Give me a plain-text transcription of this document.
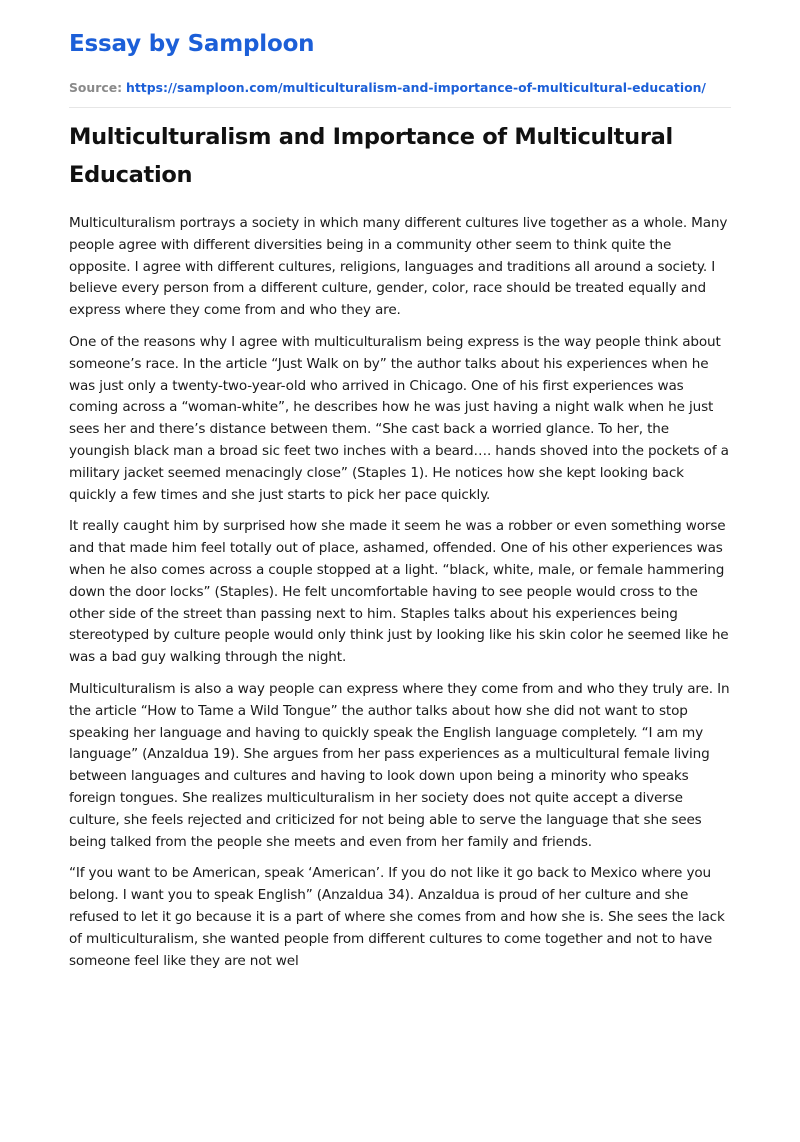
Essay by Samploon
Source: https://samploon.com/multiculturalism-and-importance-of-multicultural-education/
Multiculturalism and Importance of Multicultural Education

Multiculturalism portrays a society in which many different cultures live together as a whole. Many people agree with different diversities being in a community other seem to think quite the opposite. I agree with different cultures, religions, languages and traditions all around a society. I believe every person from a different culture, gender, color, race should be treated equally and express where they come from and who they are.

One of the reasons why I agree with multiculturalism being express is the way people think about someone’s race. In the article “Just Walk on by” the author talks about his experiences when he was just only a twenty-two-year-old who arrived in Chicago. One of his first experiences was coming across a “woman-white”, he describes how he was just having a night walk when he just sees her and there’s distance between them. “She cast back a worried glance. To her, the youngish black man a broad sic feet two inches with a beard…. hands shoved into the pockets of a military jacket seemed menacingly close” (Staples 1). He notices how she kept looking back quickly a few times and she just starts to pick her pace quickly.

It really caught him by surprised how she made it seem he was a robber or even something worse and that made him feel totally out of place, ashamed, offended. One of his other experiences was when he also comes across a couple stopped at a light. “black, white, male, or female hammering down the door locks” (Staples). He felt uncomfortable having to see people would cross to the other side of the street than passing next to him. Staples talks about his experiences being stereotyped by culture people would only think just by looking like his skin color he seemed like he was a bad guy walking through the night.

Multiculturalism is also a way people can express where they come from and who they truly are. In the article “How to Tame a Wild Tongue” the author talks about how she did not want to stop speaking her language and having to quickly speak the English language completely. “I am my language” (Anzaldua 19). She argues from her pass experiences as a multicultural female living between languages and cultures and having to look down upon being a minority who speaks foreign tongues. She realizes multiculturalism in her society does not quite accept a diverse culture, she feels rejected and criticized for not being able to serve the language that she sees being talked from the people she meets and even from her family and friends.

“If you want to be American, speak ‘American’. If you do not like it go back to Mexico where you belong. I want you to speak English” (Anzaldua 34). Anzaldua is proud of her culture and she refused to let it go because it is a part of where she comes from and how she is. She sees the lack of multiculturalism, she wanted people from different cultures to come together and not to have someone feel like they are not wel
